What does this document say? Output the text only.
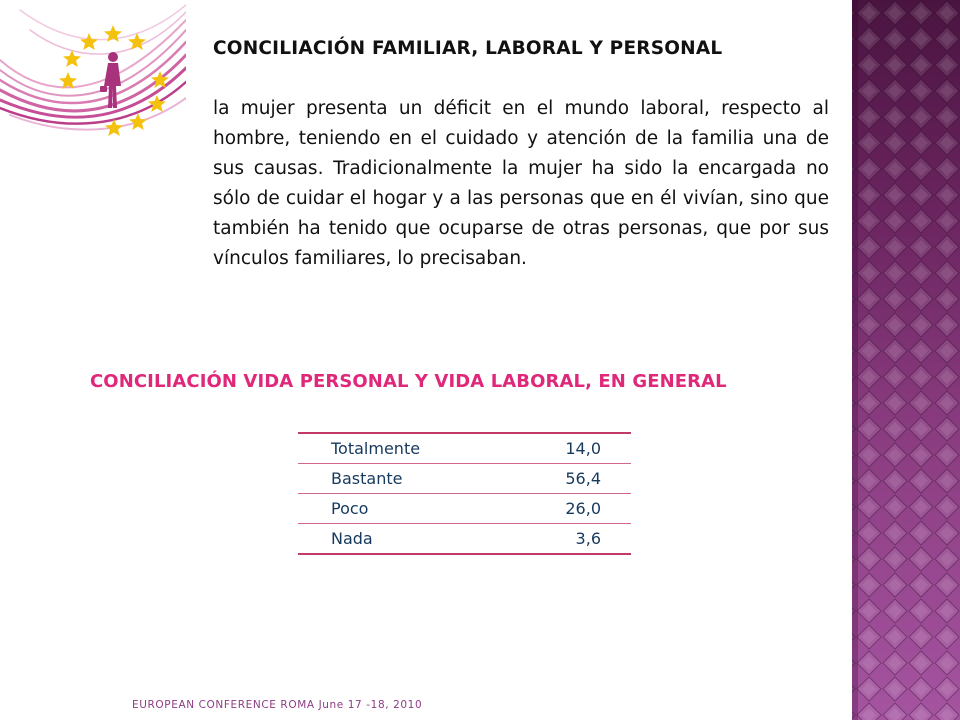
CONCILIACIÓN FAMILIAR, LABORAL Y PERSONAL
la mujer presenta un déficit en el mundo laboral, respecto al hombre, teniendo en el cuidado y atención de la familia una de sus causas. Tradicionalmente la mujer ha sido la encargada no sólo de cuidar el hogar y a las personas que en él vivían, sino que también ha tenido que ocuparse de otras personas, que por sus vínculos familiares, lo precisaban.
CONCILIACIÓN VIDA PERSONAL Y VIDA LABORAL, EN GENERAL
Totalmente	14,0
Bastante	56,4
Poco	26,0
Nada	3,6
EUROPEAN CONFERENCE ROMA June 17 -18, 2010
